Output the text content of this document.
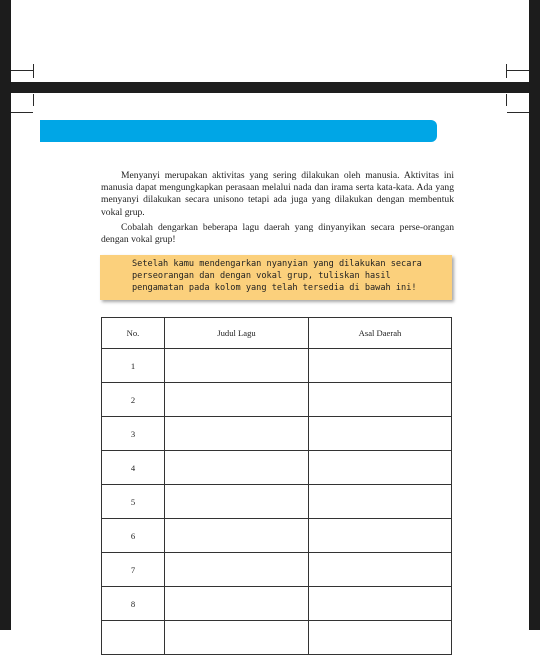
Menyanyi merupakan aktivitas yang sering dilakukan oleh manusia. Aktivitas ini manusia dapat mengungkapkan perasaan melalui nada dan irama serta kata-kata. Ada yang menyanyi dilakukan secara unisono tetapi ada juga yang dilakukan dengan membentuk vokal grup.

Cobalah dengarkan beberapa lagu daerah yang dinyanyikan secara perse-orangan dengan vokal grup!

Setelah kamu mendengarkan nyanyian yang dilakukan secara perseorangan dan dengan vokal grup, tuliskan hasil pengamatan pada kolom yang telah tersedia di bawah ini!

No.	Judul Lagu	Asal Daerah
1		
2		
3		
4		
5		
6		
7		
8		
